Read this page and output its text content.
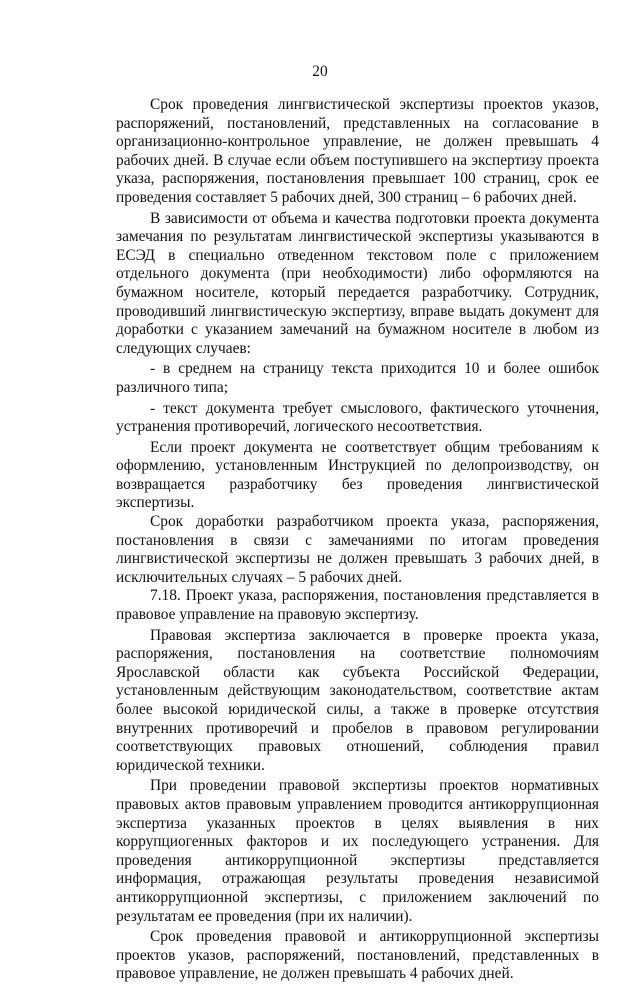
20

Срок проведения лингвистической экспертизы проектов указов, распоряжений, постановлений, представленных на согласование в организационно-контрольное управление, не должен превышать 4 рабочих дней. В случае если объем поступившего на экспертизу проекта указа, распоряжения, постановления превышает 100 страниц, срок ее проведения составляет 5 рабочих дней, 300 страниц – 6 рабочих дней.

В зависимости от объема и качества подготовки проекта документа замечания по результатам лингвистической экспертизы указываются в ЕСЭД в специально отведенном текстовом поле с приложением отдельного документа (при необходимости) либо оформляются на бумажном носителе, который передается разработчику. Сотрудник, проводивший лингвистическую экспертизу, вправе выдать документ для доработки с указанием замечаний на бумажном носителе в любом из следующих случаев:

- в среднем на страницу текста приходится 10 и более ошибок различного типа;

- текст документа требует смыслового, фактического уточнения, устранения противоречий, логического несоответствия.

Если проект документа не соответствует общим требованиям к оформлению, установленным Инструкцией по делопроизводству, он возвращается разработчику без проведения лингвистической экспертизы.

Срок доработки разработчиком проекта указа, распоряжения, постановления в связи с замечаниями по итогам проведения лингвистической экспертизы не должен превышать 3 рабочих дней, в исключительных случаях – 5 рабочих дней.

7.18. Проект указа, распоряжения, постановления представляется в правовое управление на правовую экспертизу.

Правовая экспертиза заключается в проверке проекта указа, распоряжения, постановления на соответствие полномочиям Ярославской области как субъекта Российской Федерации, установленным действующим законодательством, соответствие актам более высокой юридической силы, а также в проверке отсутствия внутренних противоречий и пробелов в правовом регулировании соответствующих правовых отношений, соблюдения правил юридической техники.

При проведении правовой экспертизы проектов нормативных правовых актов правовым управлением проводится антикоррупционная экспертиза указанных проектов в целях выявления в них коррупциогенных факторов и их последующего устранения. Для проведения антикоррупционной экспертизы представляется информация, отражающая результаты проведения независимой антикоррупционной экспертизы, с приложением заключений по результатам ее проведения (при их наличии).

Срок проведения правовой и антикоррупционной экспертизы проектов указов, распоряжений, постановлений, представленных в правовое управление, не должен превышать 4 рабочих дней.
